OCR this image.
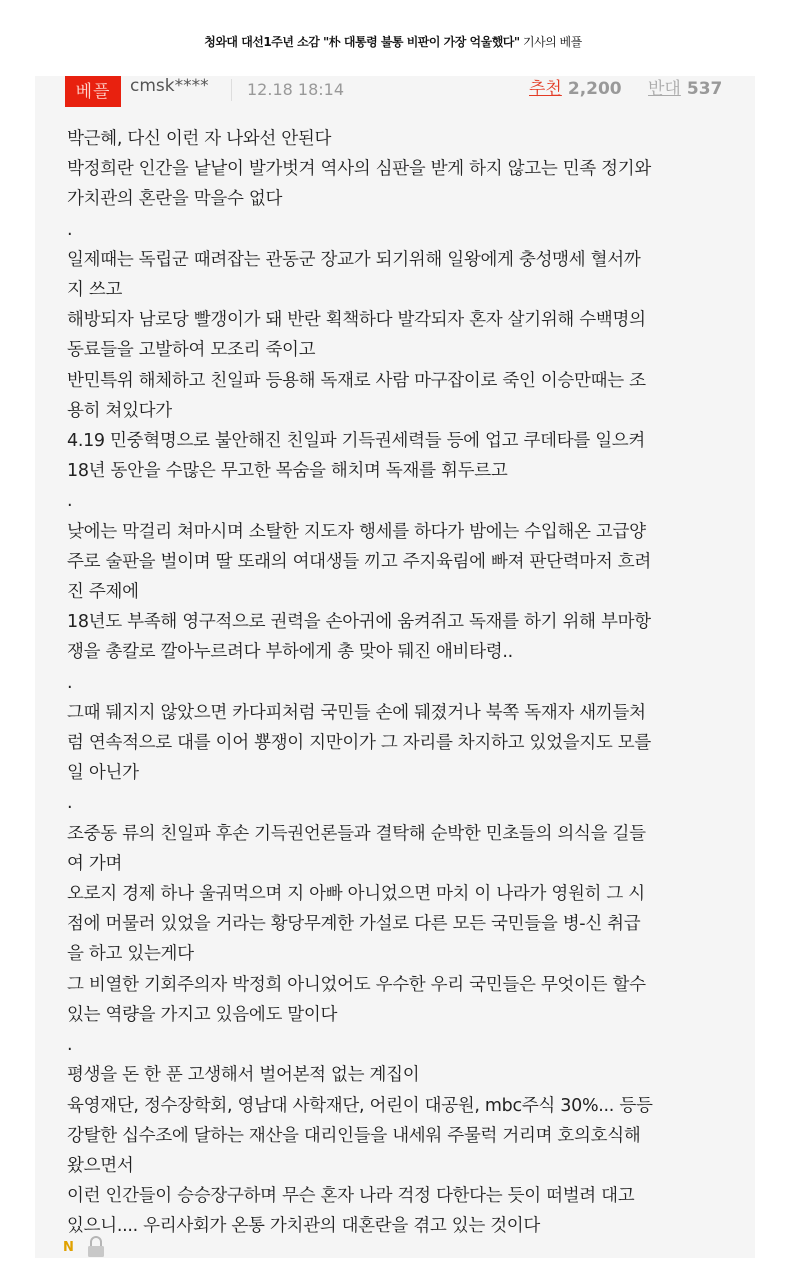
청와대 대선1주년 소감 "朴 대통령 불통 비판이 가장 억울했다" 기사의 베플
베플	cmsk**** 12.18 18:14	추천 2,200 반대 537
박근혜, 다신 이런 자 나와선 안된다
박정희란 인간을 낱낱이 발가벗겨 역사의 심판을 받게 하지 않고는 민족 정기와
가치관의 혼란을 막을수 없다
.
일제때는 독립군 때려잡는 관동군 장교가 되기위해 일왕에게 충성맹세 혈서까
지 쓰고
해방되자 남로당 빨갱이가 돼 반란 획책하다 발각되자 혼자 살기위해 수백명의
동료들을 고발하여 모조리 죽이고
반민특위 해체하고 친일파 등용해 독재로 사람 마구잡이로 죽인 이승만때는 조
용히 쳐있다가
4.19 민중혁명으로 불안해진 친일파 기득권세력들 등에 업고 쿠데타를 일으켜
18년 동안을 수많은 무고한 목숨을 해치며 독재를 휘두르고
.
낮에는 막걸리 쳐마시며 소탈한 지도자 행세를 하다가 밤에는 수입해온 고급양
주로 술판을 벌이며 딸 또래의 여대생들 끼고 주지육림에 빠져 판단력마저 흐려
진 주제에
18년도 부족해 영구적으로 권력을 손아귀에 움켜쥐고 독재를 하기 위해 부마항
쟁을 총칼로 깔아누르려다 부하에게 총 맞아 뒈진 애비타령..
.
그때 뒈지지 않았으면 카다피처럼 국민들 손에 뒈졌거나 북쪽 독재자 새끼들처
럼 연속적으로 대를 이어 뿅쟁이 지만이가 그 자리를 차지하고 있었을지도 모를
일 아닌가
.
조중동 류의 친일파 후손 기득권언론들과 결탁해 순박한 민초들의 의식을 길들
여 가며
오로지 경제 하나 울궈먹으며 지 아빠 아니었으면 마치 이 나라가 영원히 그 시
점에 머물러 있었을 거라는 황당무계한 가설로 다른 모든 국민들을 병-신 취급
을 하고 있는게다
그 비열한 기회주의자 박정희 아니었어도 우수한 우리 국민들은 무엇이든 할수
있는 역량을 가지고 있음에도 말이다
.
평생을 돈 한 푼 고생해서 벌어본적 없는 계집이
육영재단, 정수장학회, 영남대 사학재단, 어린이 대공원, mbc주식 30%... 등등
강탈한 십수조에 달하는 재산을 대리인들을 내세워 주물럭 거리며 호의호식해
왔으면서
이런 인간들이 승승장구하며 무슨 혼자 나라 걱정 다한다는 듯이 떠벌려 대고
있으니.... 우리사회가 온통 가치관의 대혼란을 겪고 있는 것이다
N
